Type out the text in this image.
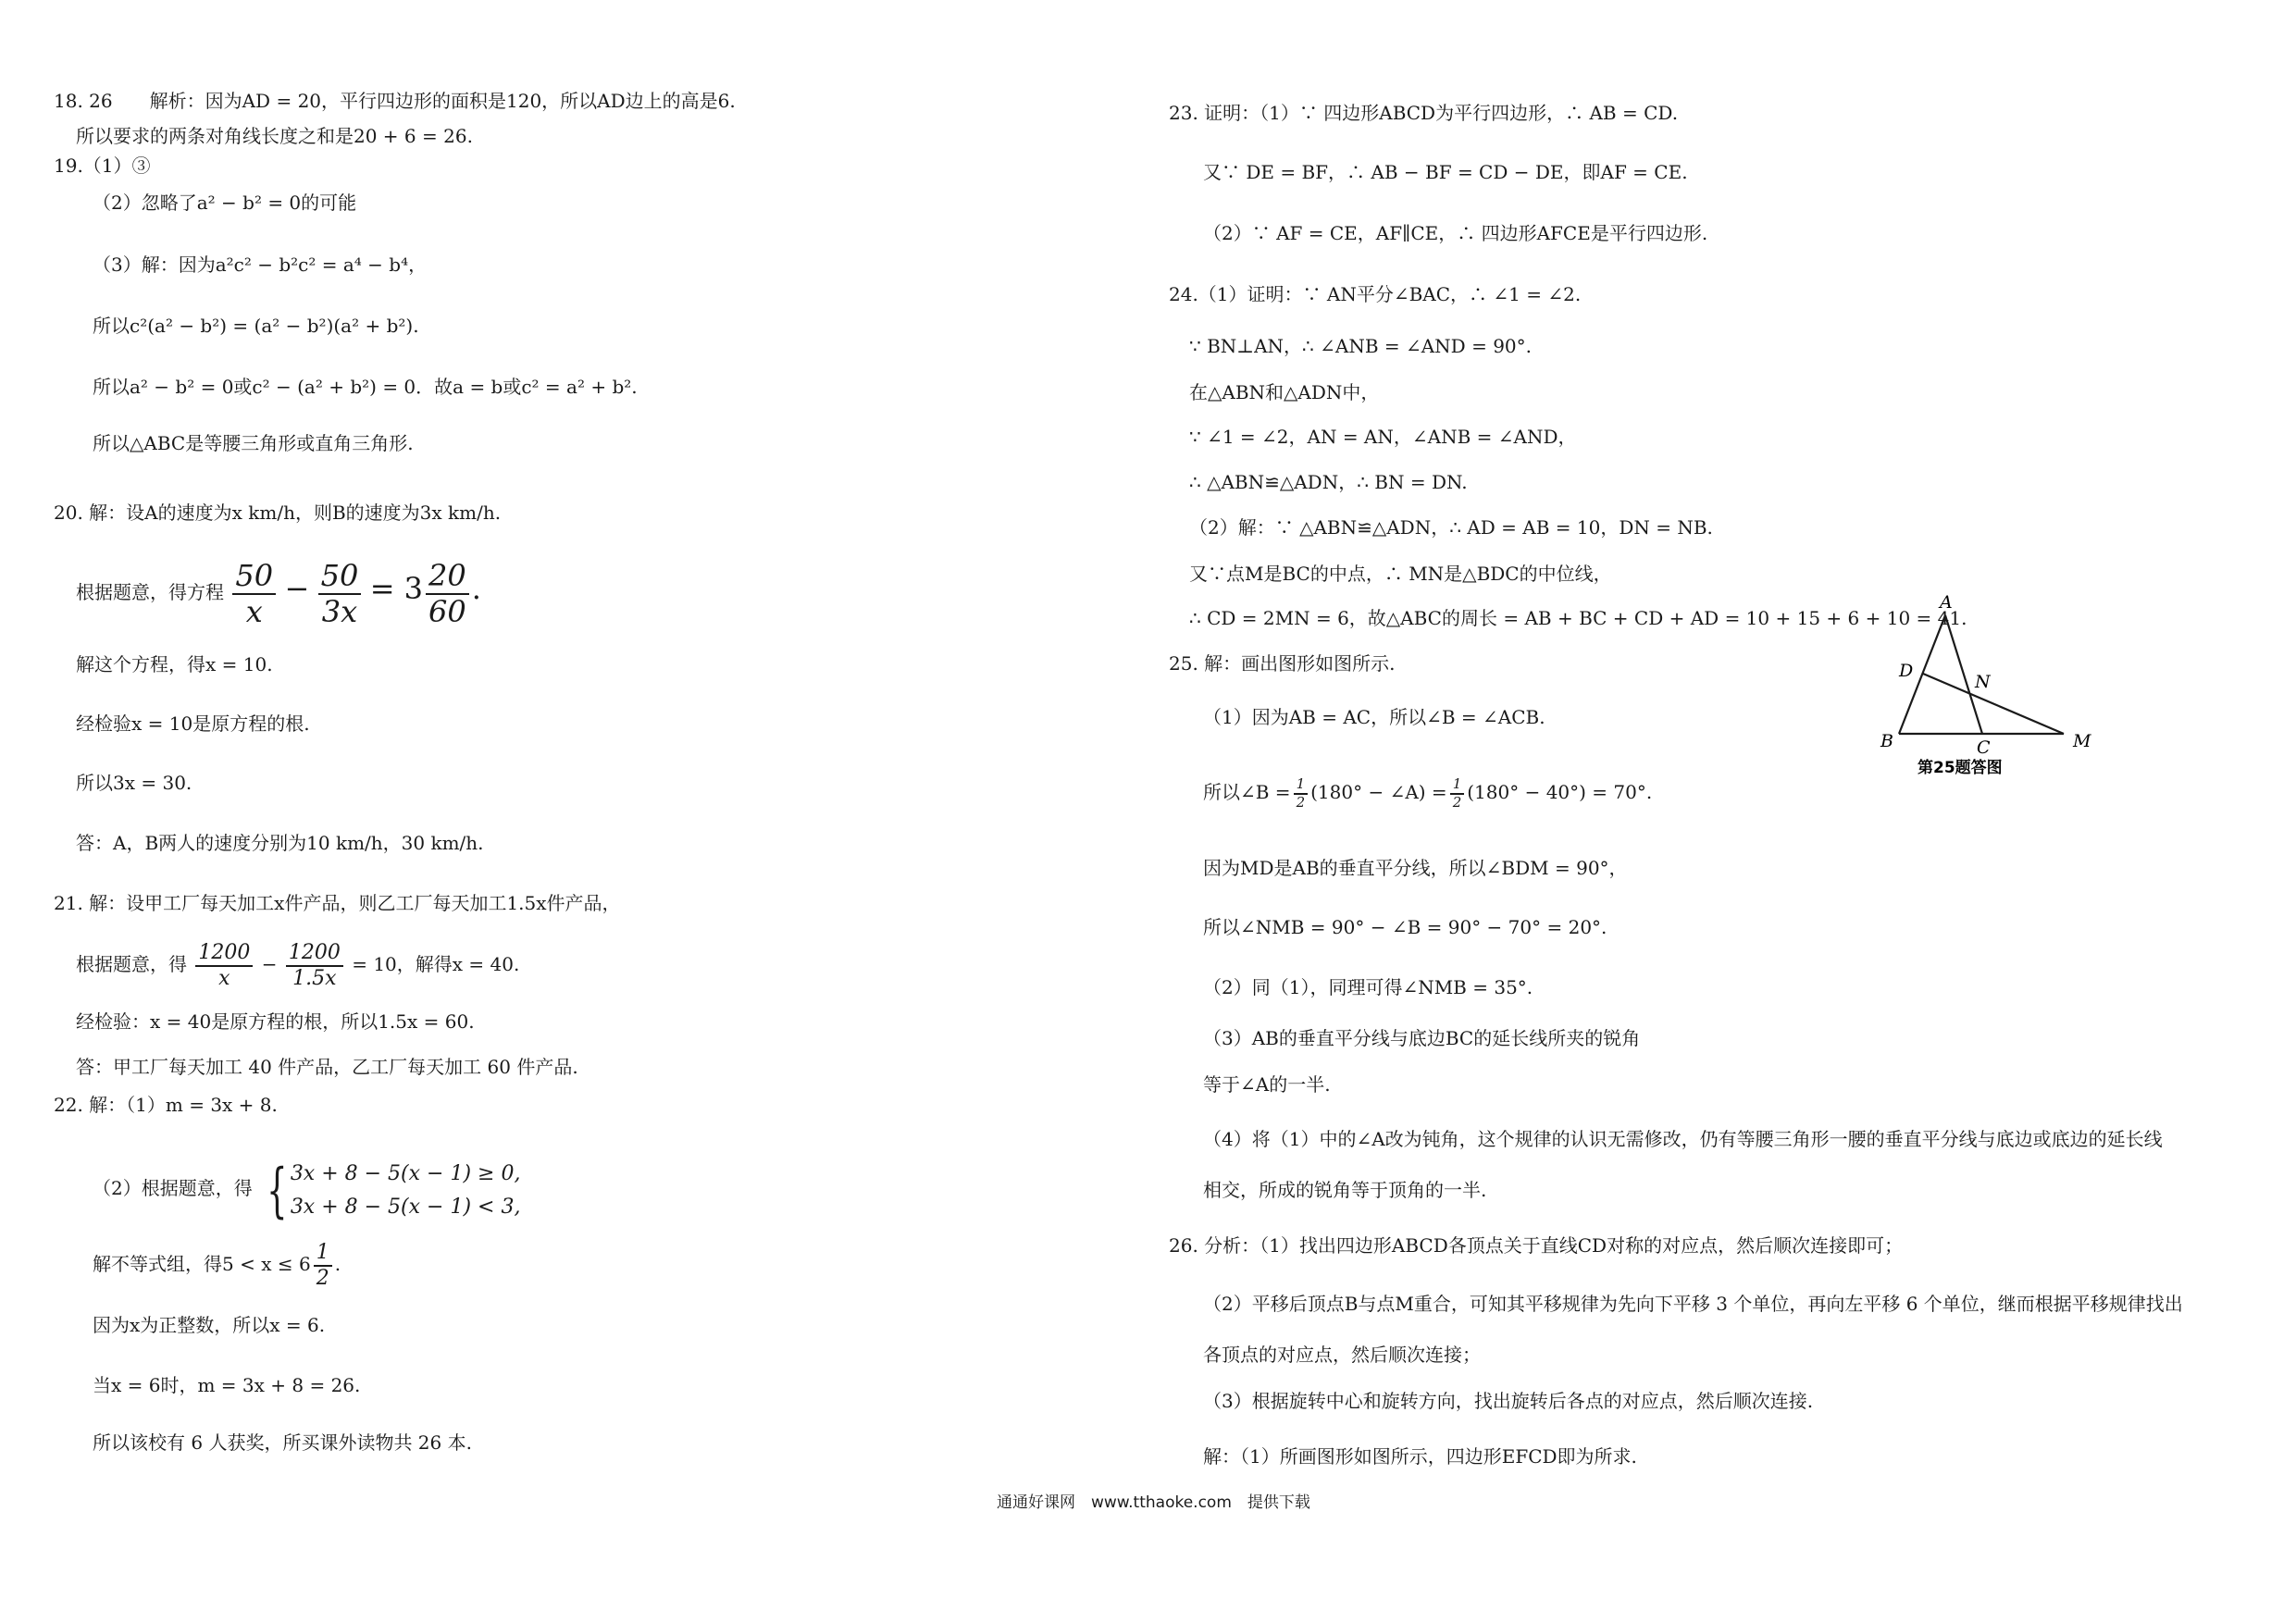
18. 26　　解析：因为AD = 20，平行四边形的面积是120，所以AD边上的高是6.
所以要求的两条对角线长度之和是20 + 6 = 26.
19.（1）③
（2）忽略了a² − b² = 0的可能
（3）解：因为a²c² − b²c² = a⁴ − b⁴，
所以c²(a² − b²) = (a² − b²)(a² + b²).
所以a² − b² = 0或c² − (a² + b²) = 0．故a = b或c² = a² + b².
所以△ABC是等腰三角形或直角三角形.
20. 解：设A的速度为x km/h，则B的速度为3x km/h.
根据题意，得方程 $\frac{50}{x} - \frac{50}{3x} = 3 \frac{20}{60}$ .
解这个方程，得x = 10.
经检验x = 10是原方程的根.
所以3x = 30.
答：A，B两人的速度分别为10 km/h，30 km/h.
21. 解：设甲工厂每天加工x件产品，则乙工厂每天加工1.5x件产品，
根据题意，得 $\frac{1200}{x} - \frac{1200}{1.5x} = 10$，解得x = 40.
经检验：x = 40是原方程的根，所以1.5x = 60.
答：甲工厂每天加工 40 件产品，乙工厂每天加工 60 件产品.
22. 解：（1）m = 3x + 8.
（2）根据题意，得 { 3x + 8 − 5(x − 1) ≥ 0,
3x + 8 − 5(x − 1) < 3,
解不等式组，得$5 < x \le 6 \frac{1}{2}$ .
因为x为正整数，所以x = 6.
当x = 6时，m = 3x + 8 = 26.
所以该校有 6 人获奖，所买课外读物共 26 本.
23. 证明：（1）∵ 四边形ABCD为平行四边形，∴ AB = CD.
又∵ DE = BF，∴ AB − BF = CD − DE，即AF = CE.
（2）∵ AF = CE，AF∥CE，∴ 四边形AFCE是平行四边形.
24.（1）证明：∵ AN平分∠BAC，∴ ∠1 = ∠2.
∵ BN⊥AN，∴ ∠ANB = ∠AND = 90°.
在△ABN和△ADN中，
∵ ∠1 = ∠2，AN = AN，∠ANB = ∠AND，
∴ △ABN≌△ADN，∴ BN = DN.
（2）解：∵ △ABN≌△ADN，∴ AD = AB = 10，DN = NB.
又∵点M是BC的中点，∴ MN是△BDC的中位线，
∴ CD = 2MN = 6，故△ABC的周长 = AB + BC + CD + AD = 10 + 15 + 6 + 10 = 41.
25. 解：画出图形如图所示.
（1）因为AB = AC，所以∠B = ∠ACB.
所以∠B = $\frac{1}{2} (180^\circ$ − ∠A) = $\frac{1}{2} (180^\circ - 40^\circ) = 70^\circ$.
因为MD是AB的垂直平分线，所以∠BDM = 90°，
所以∠NMB = 90° − ∠B = 90° − 70° = 20°.
（2）同（1），同理可得∠NMB = 35°.
（3）AB的垂直平分线与底边BC的延长线所夹的锐角
等于∠A的一半.
（4）将（1）中的∠A改为钝角，这个规律的认识无需修改，仍有等腰三角形一腰的垂直平分线与底边或底边的延长线
相交，所成的锐角等于顶角的一半.
26. 分析：（1）找出四边形ABCD各顶点关于直线CD对称的对应点，然后顺次连接即可；
（2）平移后顶点B与点M重合，可知其平移规律为先向下平移 3 个单位，再向左平移 6 个单位，继而根据平移规律找出
各顶点的对应点，然后顺次连接；
（3）根据旋转中心和旋转方向，找出旋转后各点的对应点，然后顺次连接.
解：（1）所画图形如图所示，四边形EFCD即为所求.
A
D
N
B	C	M
第25题答图
通通好课网　www.tthaoke.com　提供下载
